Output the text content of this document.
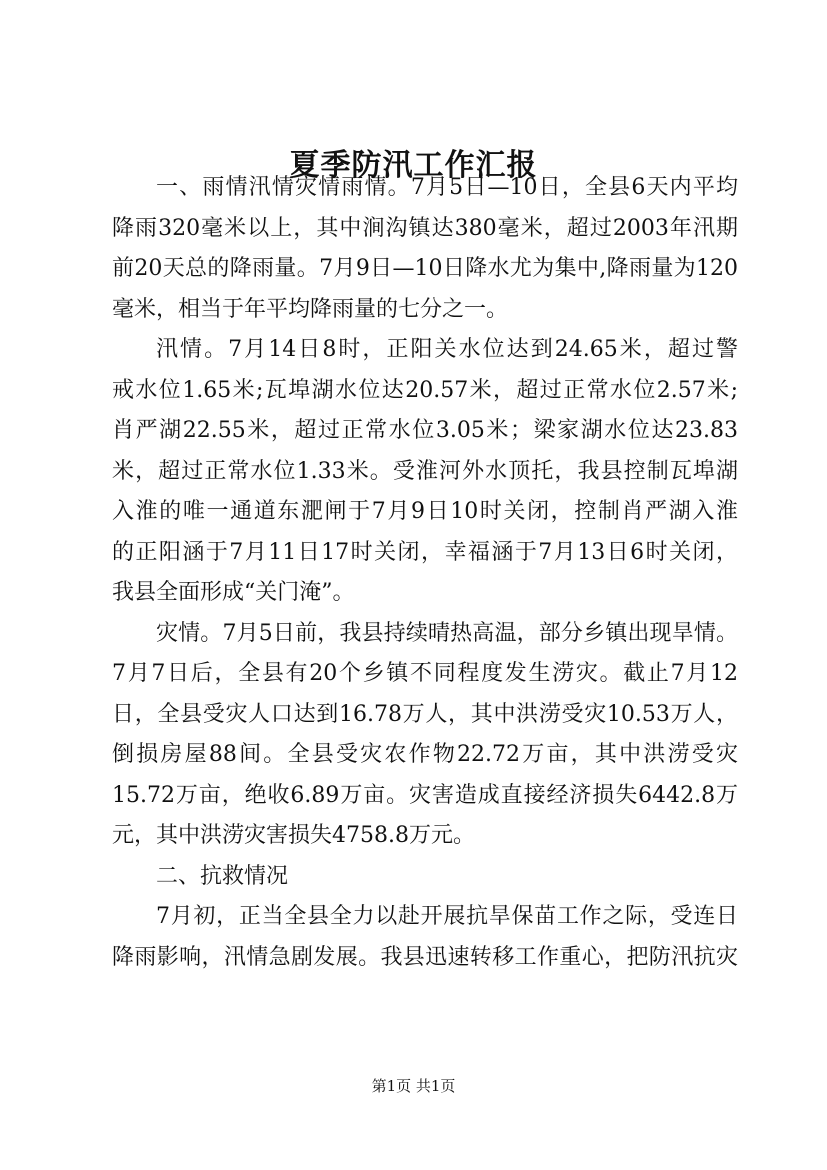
夏季防汛工作汇报
一、雨情汛情灾情雨情。7月5日—10日，全县6天内平均
降雨320毫米以上，其中涧沟镇达380毫米，超过2003年汛期
前20天总的降雨量。7月9日—10日降水尤为集中,降雨量为120
毫米，相当于年平均降雨量的七分之一。
汛情。7月14日8时，正阳关水位达到24.65米，超过警
戒水位1.65米;瓦埠湖水位达20.57米，超过正常水位2.57米;
肖严湖22.55米，超过正常水位3.05米；梁家湖水位达23.83
米，超过正常水位1.33米。受淮河外水顶托，我县控制瓦埠湖
入淮的唯一通道东淝闸于7月9日10时关闭，控制肖严湖入淮
的正阳涵于7月11日17时关闭，幸福涵于7月13日6时关闭，
我县全面形成“关门淹”。
灾情。7月5日前，我县持续晴热高温，部分乡镇出现旱情。
7月7日后，全县有20个乡镇不同程度发生涝灾。截止7月12
日，全县受灾人口达到16.78万人，其中洪涝受灾10.53万人，
倒损房屋88间。全县受灾农作物22.72万亩，其中洪涝受灾
15.72万亩，绝收6.89万亩。灾害造成直接经济损失6442.8万
元，其中洪涝灾害损失4758.8万元。
二、抗救情况
7月初，正当全县全力以赴开展抗旱保苗工作之际，受连日
降雨影响，汛情急剧发展。我县迅速转移工作重心，把防汛抗灾
第1页 共1页
